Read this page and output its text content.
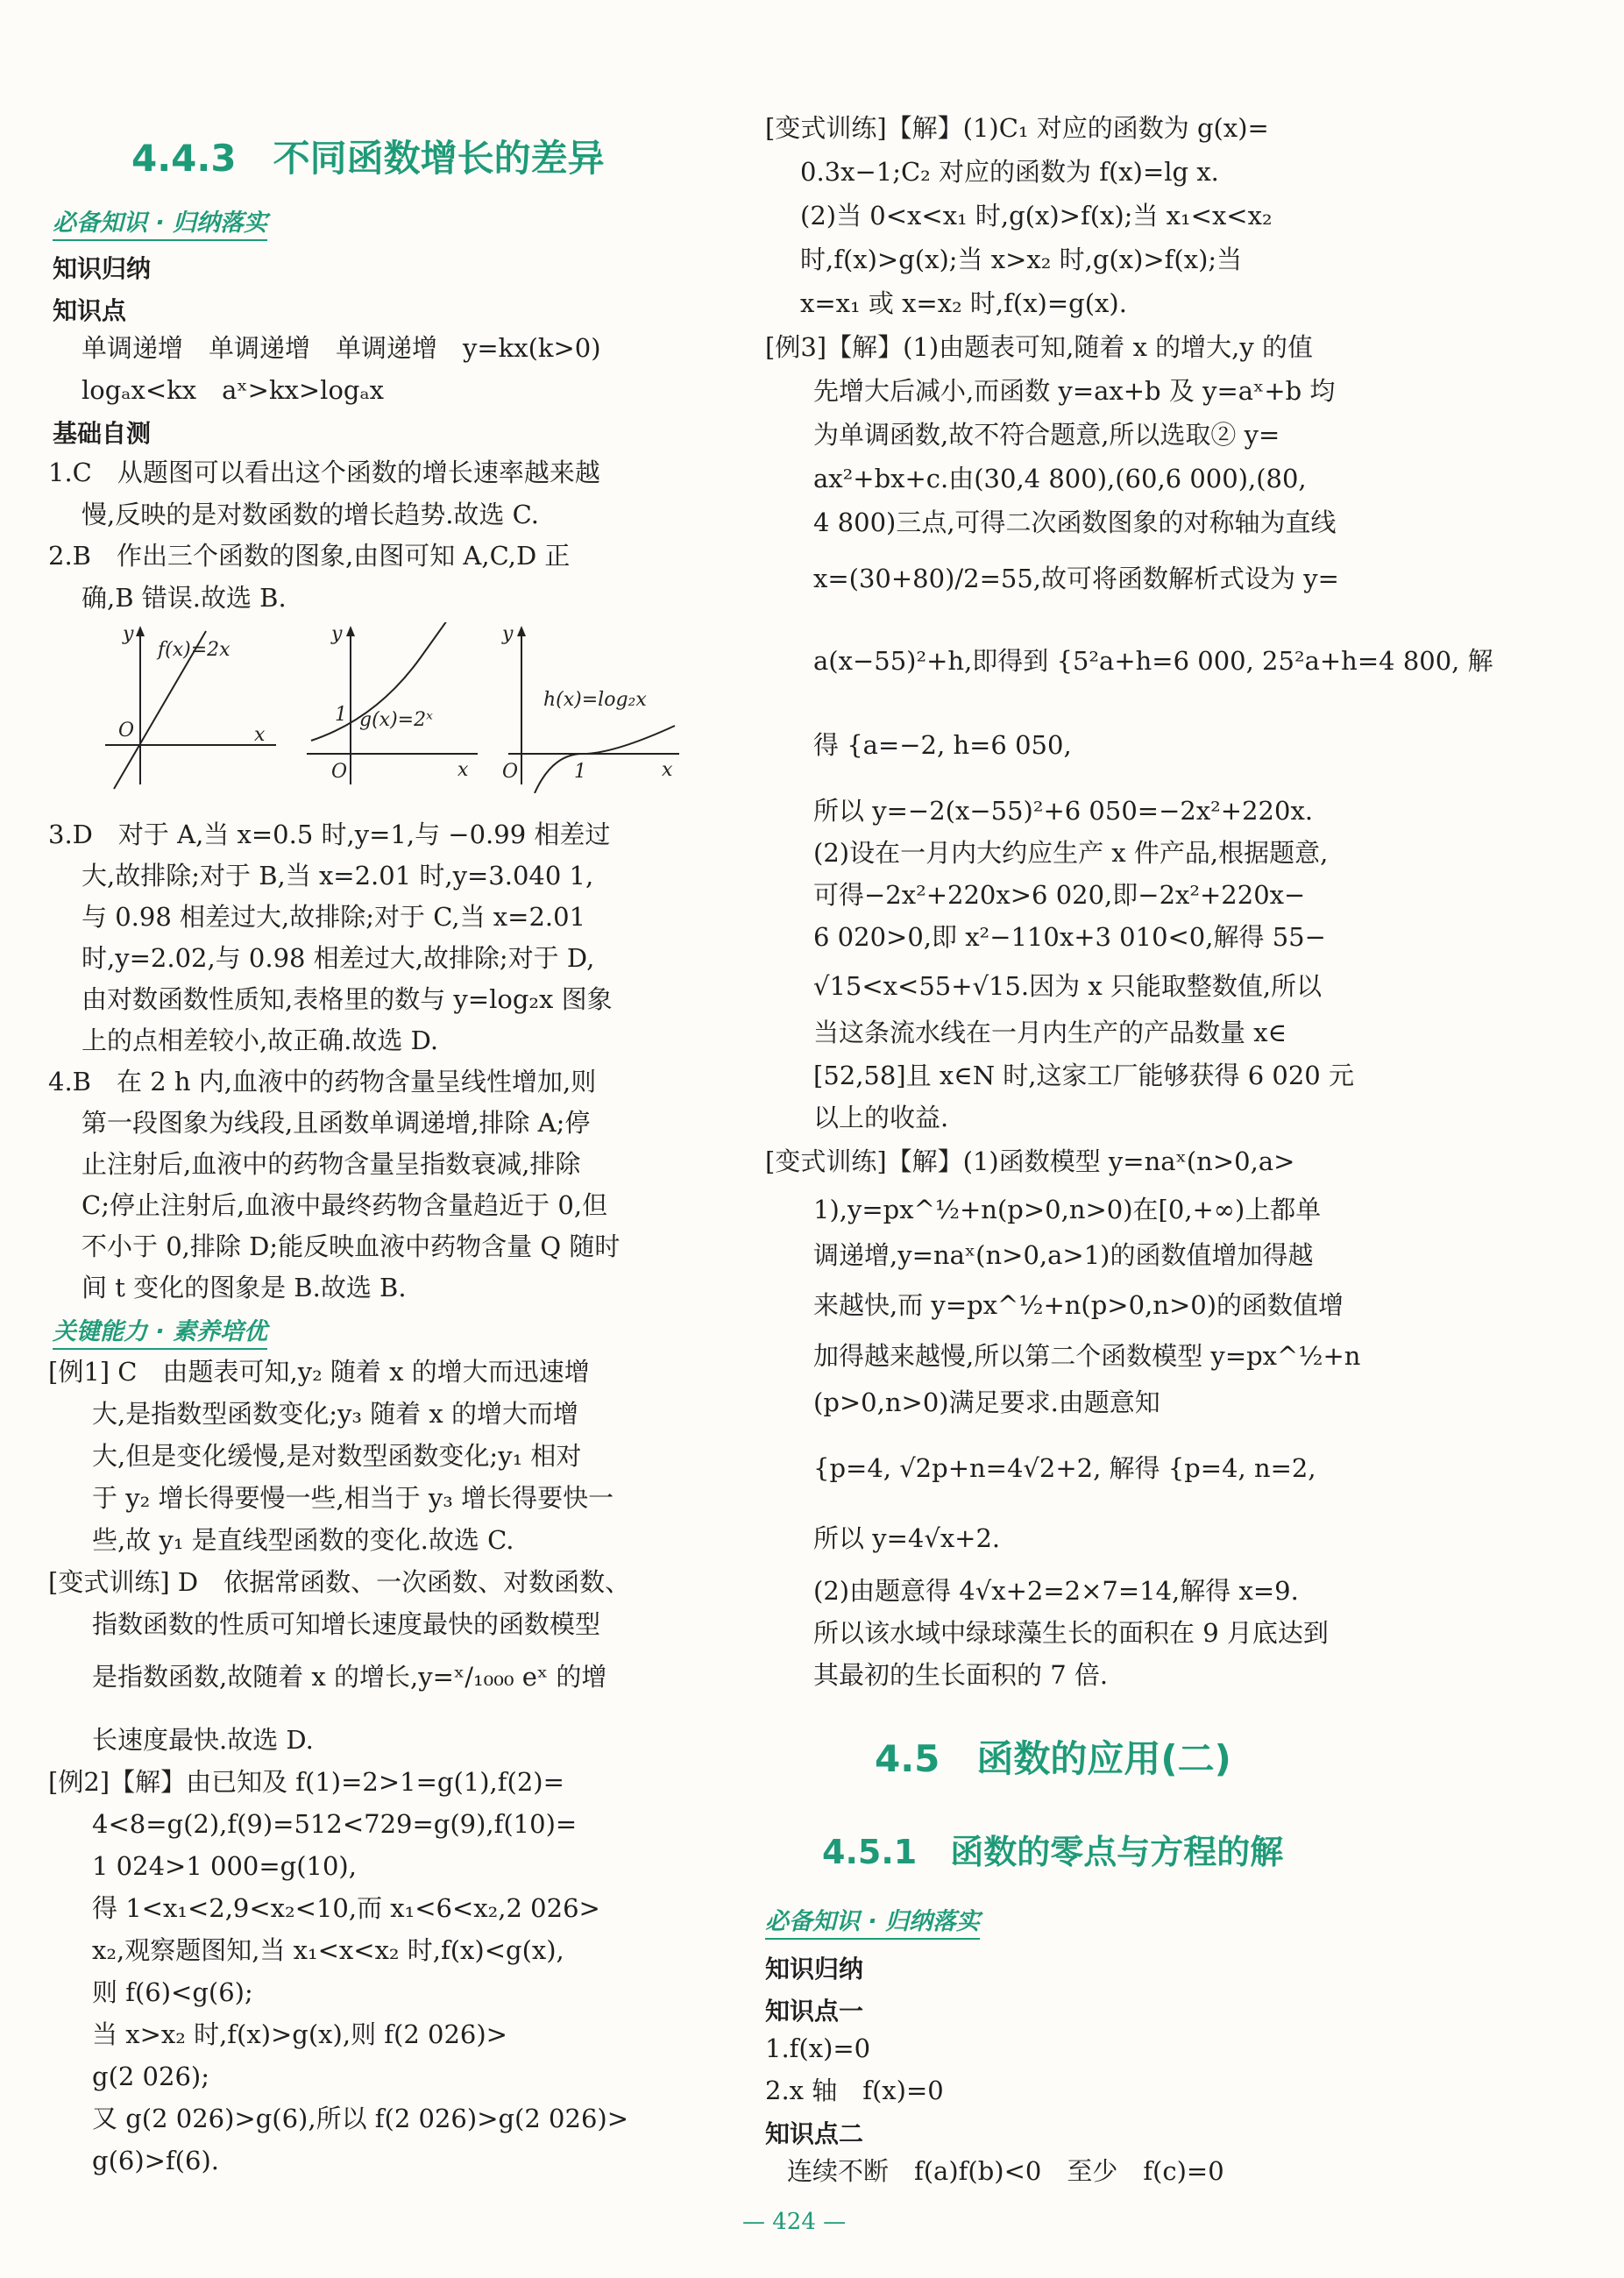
4.4.3　不同函数增长的差异
必备知识 · 归纳落实
知识归纳
知识点
单调递增　单调递增　单调递增　y=kx(k>0)
logₐx<kx　aˣ>kx>logₐx
基础自测
1.C　从题图可以看出这个函数的增长速率越来越
慢,反映的是对数函数的增长趋势.故选 C.
2.B　作出三个函数的图象,由图可知 A,C,D 正
确,B 错误.故选 B.
y
x
O
f(x)=2x
y
x
O
1 g(x)=2ˣ
y
x
O	1
h(x)=log₂x
3.D　对于 A,当 x=0.5 时,y=1,与 −0.99 相差过
大,故排除;对于 B,当 x=2.01 时,y=3.040 1,
与 0.98 相差过大,故排除;对于 C,当 x=2.01
时,y=2.02,与 0.98 相差过大,故排除;对于 D,
由对数函数性质知,表格里的数与 y=log₂x 图象
上的点相差较小,故正确.故选 D.
4.B　在 2 h 内,血液中的药物含量呈线性增加,则
第一段图象为线段,且函数单调递增,排除 A;停
止注射后,血液中的药物含量呈指数衰减,排除
C;停止注射后,血液中最终药物含量趋近于 0,但
不小于 0,排除 D;能反映血液中药物含量 Q 随时
间 t 变化的图象是 B.故选 B.
关键能力 · 素养培优
[例1] C　由题表可知,y₂ 随着 x 的增大而迅速增
大,是指数型函数变化;y₃ 随着 x 的增大而增
大,但是变化缓慢,是对数型函数变化;y₁ 相对
于 y₂ 增长得要慢一些,相当于 y₃ 增长得要快一
些,故 y₁ 是直线型函数的变化.故选 C.
[变式训练] D　依据常函数、一次函数、对数函数、
指数函数的性质可知增长速度最快的函数模型
是指数函数,故随着 x 的增长,y=ˣ/₁₀₀₀ eˣ 的增
长速度最快.故选 D.
[例2]【解】由已知及 f(1)=2>1=g(1),f(2)=
4<8=g(2),f(9)=512<729=g(9),f(10)=
1 024>1 000=g(10),
得 1<x₁<2,9<x₂<10,而 x₁<6<x₂,2 026>
x₂,观察题图知,当 x₁<x<x₂ 时,f(x)<g(x),
则 f(6)<g(6);
当 x>x₂ 时,f(x)>g(x),则 f(2 026)>
g(2 026);
又 g(2 026)>g(6),所以 f(2 026)>g(2 026)>
g(6)>f(6).
[变式训练]【解】(1)C₁ 对应的函数为 g(x)=
0.3x−1;C₂ 对应的函数为 f(x)=lg x.
(2)当 0<x<x₁ 时,g(x)>f(x);当 x₁<x<x₂
时,f(x)>g(x);当 x>x₂ 时,g(x)>f(x);当
x=x₁ 或 x=x₂ 时,f(x)=g(x).
[例3]【解】(1)由题表可知,随着 x 的增大,y 的值
先增大后减小,而函数 y=ax+b 及 y=aˣ+b 均
为单调函数,故不符合题意,所以选取② y=
ax²+bx+c.由(30,4 800),(60,6 000),(80,
4 800)三点,可得二次函数图象的对称轴为直线
x=(30+80)/2=55,故可将函数解析式设为 y=
a(x−55)²+h,即得到 {5²a+h=6 000, 25²a+h=4 800, 解
得 {a=−2, h=6 050,
所以 y=−2(x−55)²+6 050=−2x²+220x.
(2)设在一月内大约应生产 x 件产品,根据题意,
可得−2x²+220x>6 020,即−2x²+220x−
6 020>0,即 x²−110x+3 010<0,解得 55−
√15<x<55+√15.因为 x 只能取整数值,所以
当这条流水线在一月内生产的产品数量 x∈
[52,58]且 x∈N 时,这家工厂能够获得 6 020 元
以上的收益.
[变式训练]【解】(1)函数模型 y=naˣ(n>0,a>
1),y=px^½+n(p>0,n>0)在[0,+∞)上都单
调递增,y=naˣ(n>0,a>1)的函数值增加得越
来越快,而 y=px^½+n(p>0,n>0)的函数值增
加得越来越慢,所以第二个函数模型 y=px^½+n
(p>0,n>0)满足要求.由题意知
{p=4, √2p+n=4√2+2, 解得 {p=4, n=2,
所以 y=4√x+2.
(2)由题意得 4√x+2=2×7=14,解得 x=9.
所以该水域中绿球藻生长的面积在 9 月底达到
其最初的生长面积的 7 倍.
4.5　函数的应用(二)
4.5.1　函数的零点与方程的解
必备知识 · 归纳落实
知识归纳
知识点一
1.f(x)=0
2.x 轴　f(x)=0
知识点二
连续不断　f(a)f(b)<0　至少　f(c)=0
— 424 —
